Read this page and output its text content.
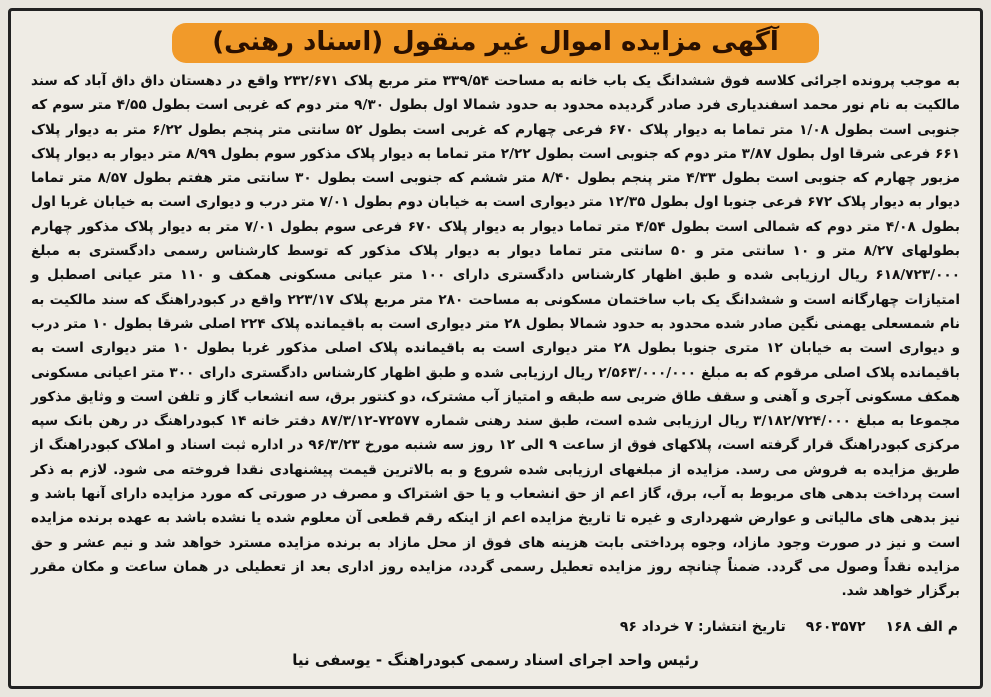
آگهی مزایده اموال غیر منقول (اسناد رهنی)

به موجب پرونده اجرائی کلاسه فوق ششدانگ یک باب خانه به مساحت ۳۳۹/۵۴ متر مربع پلاک ۲۳۲/۶۷۱ واقع در دهستان داق داق آباد که سند مالکیت به نام نور محمد اسفندیاری فرد صادر گردیده محدود به حدود شمالا اول بطول ۹/۳۰ متر دوم که غربی است بطول ۴/۵۵ متر سوم که جنوبی است بطول ۱/۰۸ متر تماما به دیوار پلاک ۶۷۰ فرعی چهارم که غربی است بطول ۵۲ سانتی متر پنجم بطول ۶/۲۲ متر به دیوار پلاک ۶۶۱ فرعی شرقا اول بطول ۳/۸۷ متر دوم که جنوبی است بطول ۲/۲۲ متر تماما به دیوار پلاک مذکور سوم بطول ۸/۹۹ متر دیوار به دیوار پلاک مزبور چهارم که جنوبی است بطول ۴/۳۳ متر پنجم بطول ۸/۴۰ متر ششم که جنوبی است بطول ۳۰ سانتی متر هفتم بطول ۸/۵۷ متر تماما دیوار به دیوار پلاک ۶۷۲ فرعی جنوبا اول بطول ۱۲/۳۵ متر دیواری است به خیابان دوم بطول ۷/۰۱ متر درب و دیواری است به خیابان غربا اول بطول ۴/۰۸ متر دوم که شمالی است بطول ۴/۵۴ متر تماما دیوار به دیوار پلاک ۶۷۰ فرعی سوم بطول ۷/۰۱ متر به دیوار پلاک مذکور چهارم بطولهای ۸/۲۷ متر و ۱۰ سانتی متر و ۵۰ سانتی متر تماما دیوار به دیوار پلاک مذکور که توسط کارشناس رسمی دادگستری به مبلغ ۶۱۸/۷۲۳/۰۰۰ ریال ارزیابی شده و طبق اظهار کارشناس دادگستری دارای ۱۰۰ متر عیانی مسکونی همکف و ۱۱۰ متر عیانی اصطبل و امتیازات چهارگانه است و ششدانگ یک باب ساختمان مسکونی به مساحت ۲۸۰ متر مربع پلاک ۲۲۳/۱۷ واقع در کبودراهنگ که سند مالکیت به نام شمسعلی یهمنی نگین صادر شده محدود به حدود شمالا بطول ۲۸ متر دیواری است به باقیمانده پلاک ۲۲۴ اصلی شرقا بطول ۱۰ متر درب و دیواری است به خیابان ۱۲ متری جنوبا بطول ۲۸ متر دیواری است به باقیمانده پلاک اصلی مذکور غربا بطول ۱۰ متر دیواری است به باقیمانده پلاک اصلی مرقوم که به مبلغ ۲/۵۶۳/۰۰۰/۰۰۰ ریال ارزیابی شده و طبق اظهار کارشناس دادگستری دارای ۳۰۰ متر اعیانی مسکونی همکف مسکونی آجری و آهنی و سقف طاق ضربی سه طبقه و امتیاز آب مشترک، دو کنتور برق، سه انشعاب گاز و تلفن است و وثایق مذکور مجموعا به مبلغ ۳/۱۸۲/۷۲۴/۰۰۰ ریال ارزیابی شده است، طبق سند رهنی شماره ۷۲۵۷۷-۸۷/۳/۱۲ دفتر خانه ۱۴ کبودراهنگ در رهن بانک سپه مرکزی کبودراهنگ قرار گرفته است، پلاکهای فوق از ساعت ۹ الی ۱۲ روز سه شنبه مورخ ۹۶/۳/۲۳ در اداره ثبت اسناد و املاک کبودراهنگ از طریق مزایده به فروش می رسد. مزایده از مبلغهای ارزیابی شده شروع و به بالاترین قیمت پیشنهادی نقدا فروخته می شود. لازم به ذکر است پرداخت بدهی های مربوط به آب، برق، گاز اعم از حق انشعاب و یا حق اشتراک و مصرف در صورتی که مورد مزایده دارای آنها باشد و نیز بدهی های مالیاتی و عوارض شهرداری و غیره تا تاریخ مزایده اعم از اینکه رقم قطعی آن معلوم شده یا نشده باشد به عهده برنده مزایده است و نیز در صورت وجود مازاد، وجوه پرداختی بابت هزینه های فوق از محل مازاد به برنده مزایده مسترد خواهد شد و نیم عشر و حق مزایده نقداً وصول می گردد. ضمناً چنانچه روز مزایده تعطیل رسمی گردد، مزایده روز اداری بعد از تعطیلی در همان ساعت و مکان مقرر برگزار خواهد شد.

م الف ۱۶۸
۹۶۰۳۵۷۲
تاریخ انتشار: ۷ خرداد ۹۶
رئیس واحد اجرای اسناد رسمی کبودراهنگ - یوسفی نیا
